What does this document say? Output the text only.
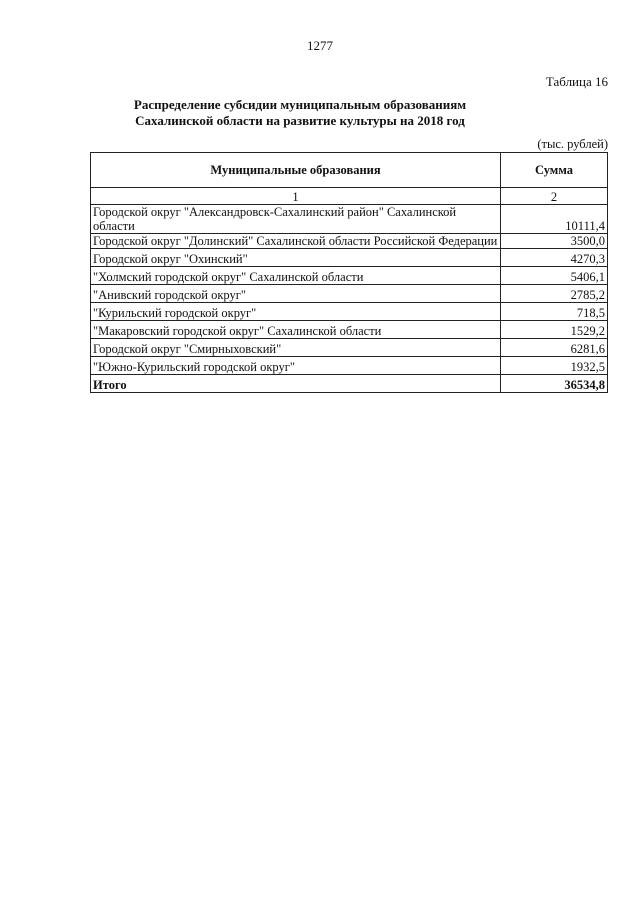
1277
Таблица 16
Распределение субсидии муниципальным образованиям Сахалинской области на развитие культуры на 2018 год
(тыс. рублей)
Муниципальные образования	Сумма
1	2
Городской округ "Александровск-Сахалинский район" Сахалинской области	10111,4
Городской округ "Долинский" Сахалинской области Российской Федерации	3500,0
Городской округ "Охинский"	4270,3
"Холмский городской округ" Сахалинской области	5406,1
"Анивский городской округ"	2785,2
"Курильский городской округ"	718,5
"Макаровский городской округ" Сахалинской области	1529,2
Городской округ "Смирныховский"	6281,6
"Южно-Курильский городской округ"	1932,5
Итого	36534,8
